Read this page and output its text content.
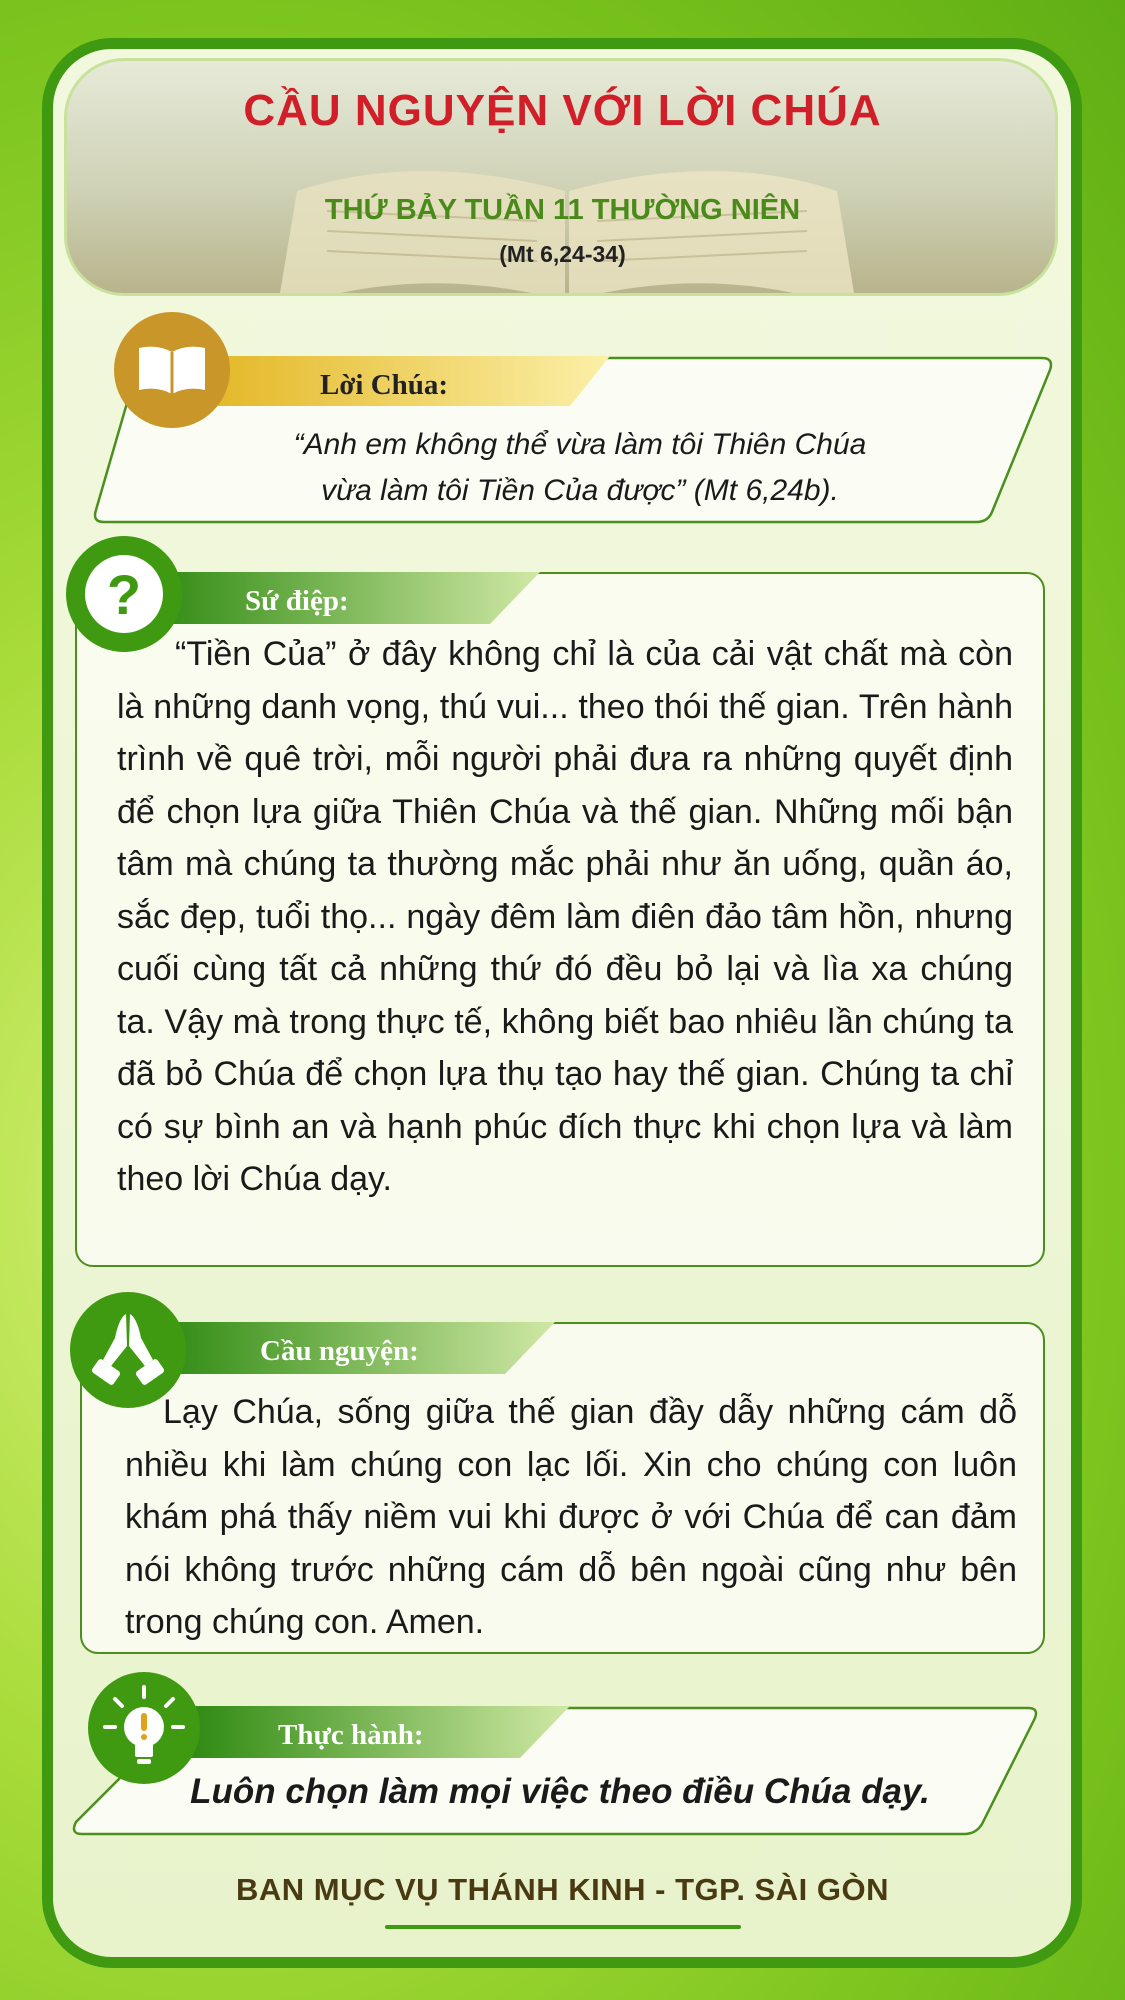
CẦU NGUYỆN VỚI LỜI CHÚA
THỨ BẢY TUẦN 11 THƯỜNG NIÊN
(Mt 6,24-34)
Lời Chúa:
“Anh em không thể vừa làm tôi Thiên Chúa
vừa làm tôi Tiền Của được” (Mt 6,24b).
Sứ điệp:
?
“Tiền Của” ở đây không chỉ là của cải vật chất mà còn là những danh vọng, thú vui... theo thói thế gian. Trên hành trình về quê trời, mỗi người phải đưa ra những quyết định để chọn lựa giữa Thiên Chúa và thế gian. Những mối bận tâm mà chúng ta thường mắc phải như ăn uống, quần áo, sắc đẹp, tuổi thọ... ngày đêm làm điên đảo tâm hồn, nhưng cuối cùng tất cả những thứ đó đều bỏ lại và lìa xa chúng ta. Vậy mà trong thực tế, không biết bao nhiêu lần chúng ta đã bỏ Chúa để chọn lựa thụ tạo hay thế gian. Chúng ta chỉ có sự bình an và hạnh phúc đích thực khi chọn lựa và làm theo lời Chúa dạy.
Cầu nguyện:
Lạy Chúa, sống giữa thế gian đầy dẫy những cám dỗ nhiều khi làm chúng con lạc lối. Xin cho chúng con luôn khám phá thấy niềm vui khi được ở với Chúa để can đảm nói không trước những cám dỗ bên ngoài cũng như bên trong chúng con. Amen.
Thực hành:
Luôn chọn làm mọi việc theo điều Chúa dạy.
BAN MỤC VỤ THÁNH KINH - TGP. SÀI GÒN
